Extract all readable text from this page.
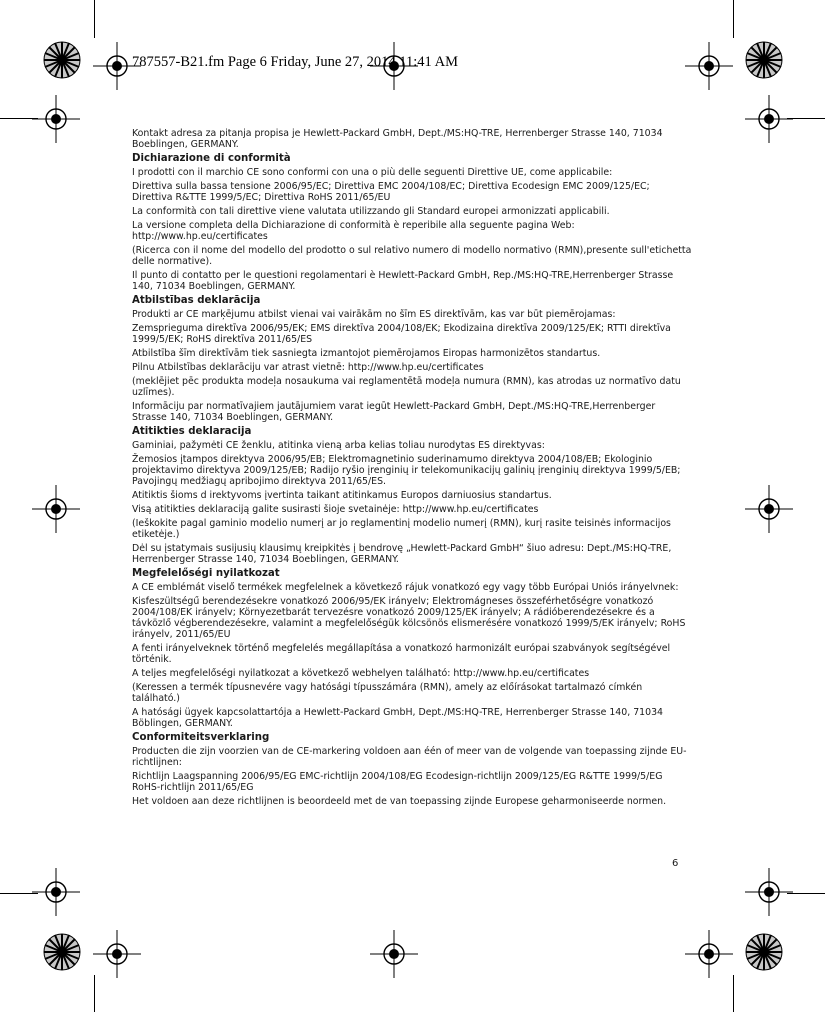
787557-B21.fm Page 6 Friday, June 27, 2014 11:41 AM

Kontakt adresa za pitanja propisa je Hewlett-Packard GmbH, Dept./MS:HQ-TRE, Herrenberger Strasse 140, 71034 Boeblingen, GERMANY.

Dichiarazione di conformità

I prodotti con il marchio CE sono conformi con una o più delle seguenti Direttive UE, come applicabile:

Direttiva sulla bassa tensione 2006/95/EC; Direttiva EMC 2004/108/EC; Direttiva Ecodesign EMC 2009/125/EC; Direttiva R&TTE 1999/5/EC; Direttiva RoHS 2011/65/EU

La conformità con tali direttive viene valutata utilizzando gli Standard europei armonizzati applicabili.

La versione completa della Dichiarazione di conformità è reperibile alla seguente pagina Web: http://www.hp.eu/certificates

(Ricerca con il nome del modello del prodotto o sul relativo numero di modello normativo (RMN),presente sull'etichetta delle normative).

Il punto di contatto per le questioni regolamentari è Hewlett-Packard GmbH, Rep./MS:HQ-TRE,Herrenberger Strasse 140, 71034 Boeblingen, GERMANY.

Atbilstības deklarācija

Produkti ar CE marķējumu atbilst vienai vai vairākām no šīm ES direktīvām, kas var būt piemērojamas:

Zemsprieguma direktīva 2006/95/EK; EMS direktīva 2004/108/EK; Ekodizaina direktīva 2009/125/EK; RTTI direktīva 1999/5/EK; RoHS direktīva 2011/65/ES

Atbilstība šīm direktīvām tiek sasniegta izmantojot piemērojamos Eiropas harmonizētos standartus.

Pilnu Atbilstības deklarāciju var atrast vietnē: http://www.hp.eu/certificates

(meklējiet pēc produkta modeļa nosaukuma vai reglamentētā modeļa numura (RMN), kas atrodas uz normatīvo datu uzlīmes).

Informāciju par normatīvajiem jautājumiem varat iegūt Hewlett-Packard GmbH, Dept./MS:HQ-TRE,Herrenberger Strasse 140, 71034 Boeblingen, GERMANY.

Atitikties deklaracija

Gaminiai, pažymėti CE ženklu, atitinka vieną arba kelias toliau nurodytas ES direktyvas:

Žemosios įtampos direktyva 2006/95/EB; Elektromagnetinio suderinamumo direktyva 2004/108/EB; Ekologinio projektavimo direktyva 2009/125/EB; Radijo ryšio įrenginių ir telekomunikacijų galinių įrenginių direktyva 1999/5/EB; Pavojingų medžiagų apribojimo direktyva 2011/65/ES.

Atitiktis šioms d irektyvoms įvertinta taikant atitinkamus Europos darniuosius standartus.

Visą atitikties deklaraciją galite susirasti šioje svetainėje: http://www.hp.eu/certificates

(Ieškokite pagal gaminio modelio numerį ar jo reglamentinį modelio numerį (RMN), kurį rasite teisinės informacijos etiketėje.)

Dėl su įstatymais susijusių klausimų kreipkitės į bendrovę „Hewlett-Packard GmbH“ šiuo adresu: Dept./MS:HQ-TRE, Herrenberger Strasse 140, 71034 Boeblingen, GERMANY.

Megfelelőségi nyilatkozat

A CE emblémát viselő termékek megfelelnek a következő rájuk vonatkozó egy vagy több Európai Uniós irányelvnek:

Kisfeszültségű berendezésekre vonatkozó 2006/95/EK irányelv; Elektromágneses összeférhetőségre vonatkozó 2004/108/EK irányelv; Környezetbarát tervezésre vonatkozó 2009/125/EK irányelv; A rádióberendezésekre és a távközlő végberendezésekre, valamint a megfelelőségük kölcsönös elismerésére vonatkozó 1999/5/EK irányelv; RoHS irányelv, 2011/65/EU

A fenti irányelveknek történő megfelelés megállapítása a vonatkozó harmonizált európai szabványok segítségével történik.

A teljes megfelelőségi nyilatkozat a következő webhelyen található: http://www.hp.eu/certificates

(Keressen a termék típusnevére vagy hatósági típusszámára (RMN), amely az előírásokat tartalmazó címkén található.)

A hatósági ügyek kapcsolattartója a Hewlett-Packard GmbH, Dept./MS:HQ-TRE, Herrenberger Strasse 140, 71034 Böblingen, GERMANY.

Conformiteitsverklaring

Producten die zijn voorzien van de CE-markering voldoen aan één of meer van de volgende van toepassing zijnde EU-richtlijnen:

Richtlijn Laagspanning 2006/95/EG EMC-richtlijn 2004/108/EG Ecodesign-richtlijn 2009/125/EG R&TTE 1999/5/EG RoHS-richtlijn 2011/65/EG

Het voldoen aan deze richtlijnen is beoordeeld met de van toepassing zijnde Europese geharmoniseerde normen.

6
